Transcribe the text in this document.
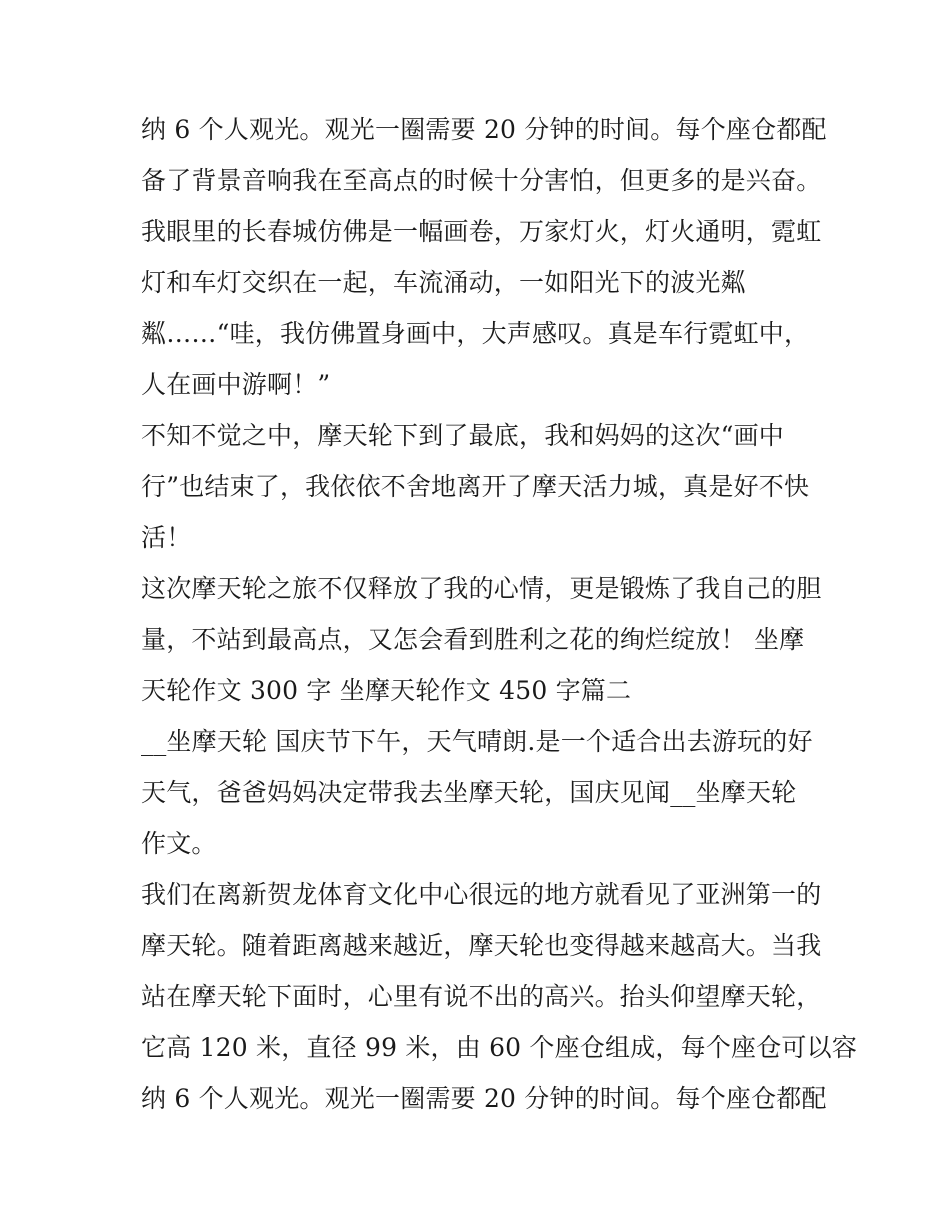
纳 6 个人观光。观光一圈需要 20 分钟的时间。每个座仓都配
备了背景音响我在至高点的时候十分害怕，但更多的是兴奋。
我眼里的长春城仿佛是一幅画卷，万家灯火，灯火通明，霓虹
灯和车灯交织在一起，车流涌动，一如阳光下的波光粼
粼……“哇，我仿佛置身画中，大声感叹。真是车行霓虹中，
人在画中游啊！”
不知不觉之中，摩天轮下到了最底，我和妈妈的这次“画中
行”也结束了，我依依不舍地离开了摩天活力城，真是好不快
活！
这次摩天轮之旅不仅释放了我的心情，更是锻炼了我自己的胆
量，不站到最高点，又怎会看到胜利之花的绚烂绽放！ 坐摩
天轮作文 300 字 坐摩天轮作文 450 字篇二
__坐摩天轮 国庆节下午，天气晴朗.是一个适合出去游玩的好
天气，爸爸妈妈决定带我去坐摩天轮，国庆见闻__坐摩天轮
作文。
我们在离新贺龙体育文化中心很远的地方就看见了亚洲第一的
摩天轮。随着距离越来越近，摩天轮也变得越来越高大。当我
站在摩天轮下面时，心里有说不出的高兴。抬头仰望摩天轮，
它高 120 米，直径 99 米，由 60 个座仓组成，每个座仓可以容
纳 6 个人观光。观光一圈需要 20 分钟的时间。每个座仓都配
